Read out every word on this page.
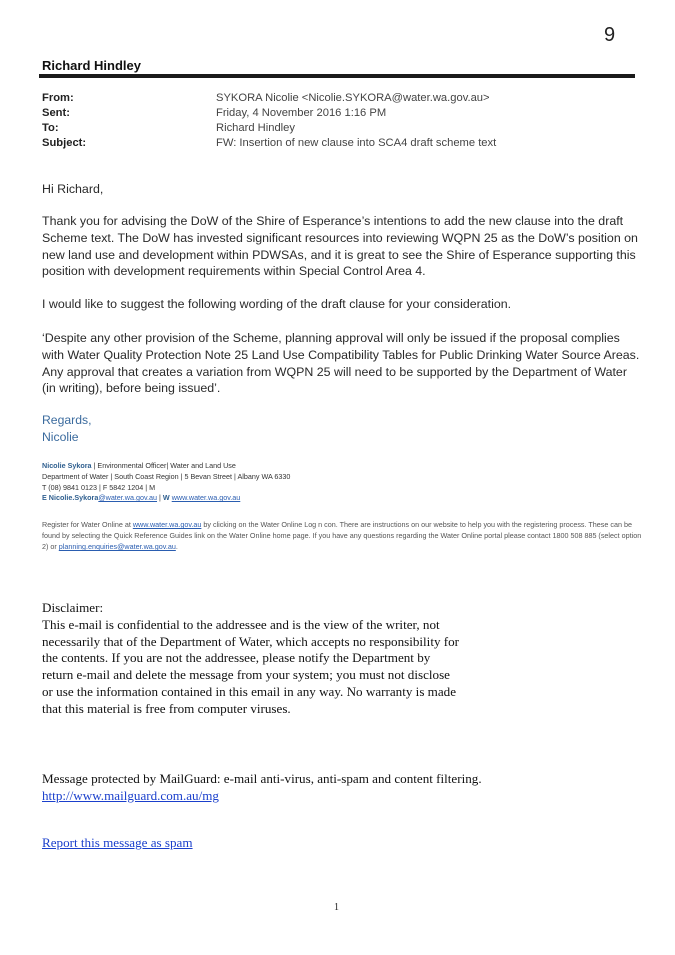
9
Richard Hindley
From:	SYKORA Nicolie <Nicolie.SYKORA@water.wa.gov.au>
Sent:	Friday, 4 November 2016 1:16 PM
To:	Richard Hindley
Subject:	FW: Insertion of new clause into SCA4 draft scheme text
Hi Richard,
Thank you for advising the DoW of the Shire of Esperance’s intentions to add the new clause into the draft Scheme text. The DoW has invested significant resources into reviewing WQPN 25 as the DoW’s position on new land use and development within PDWSAs, and it is great to see the Shire of Esperance supporting this position with development requirements within Special Control Area 4.
I would like to suggest the following wording of the draft clause for your consideration.
‘Despite any other provision of the Scheme, planning approval will only be issued if the proposal complies with Water Quality Protection Note 25 Land Use Compatibility Tables for Public Drinking Water Source Areas. Any approval that creates a variation from WQPN 25 will need to be supported by the Department of Water (in writing), before being issued’.
Regards,
Nicolie
Nicolie Sykora | Environmental Officer| Water and Land Use
Department of Water | South Coast Region | 5 Bevan Street | Albany WA 6330
T (08) 9841 0123 | F 5842 1204 | M
E Nicolie.Sykora@water.wa.gov.au | W www.water.wa.gov.au
Register for Water Online at www.water.wa.gov.au by clicking on the Water Online Log n con. There are instructions on our website to help you with the registering process. These can be found by selecting the Quick Reference Guides link on the Water Online home page. If you have any questions regarding the Water Online portal please contact 1800 508 885 (select option 2) or planning.enquiries@water.wa.gov.au.
Disclaimer:
This e-mail is confidential to the addressee and is the view of the writer, not necessarily that of the Department of Water, which accepts no responsibility for the contents. If you are not the addressee, please notify the Department by return e-mail and delete the message from your system; you must not disclose or use the information contained in this email in any way. No warranty is made that this material is free from computer viruses.
Message protected by MailGuard: e-mail anti-virus, anti-spam and content filtering.
http://www.mailguard.com.au/mg
Report this message as spam
1
